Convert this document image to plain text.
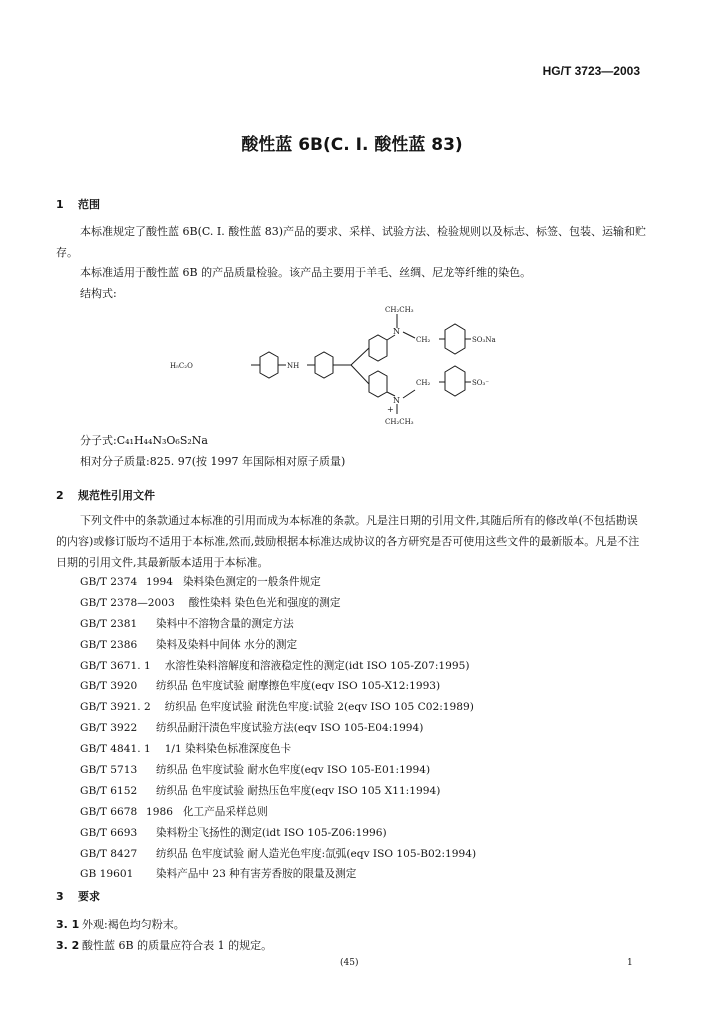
HG/T 3723—2003
酸性蓝 6B(C. I. 酸性蓝 83)
1 范围
本标准规定了酸性蓝 6B(C. I. 酸性蓝 83)产品的要求、采样、试验方法、检验规则以及标志、标签、包装、运输和贮存。
本标准适用于酸性蓝 6B 的产品质量检验。该产品主要用于羊毛、丝绸、尼龙等纤维的染色。
结构式:
CH₂CH₃
N
CH₂	SO₃Na
H₅C₂O	NH
CH₂	SO₃⁻
N
+
CH₂CH₃
分子式:C₄₁H₄₄N₃O₆S₂Na
相对分子质量:825. 97(按 1997 年国际相对原子质量)
2 规范性引用文件
下列文件中的条款通过本标准的引用而成为本标准的条款。凡是注日期的引用文件,其随后所有的修改单(不包括勘误的内容)或修订版均不适用于本标准,然而,鼓励根据本标准达成协议的各方研究是否可使用这些文件的最新版本。凡是不注日期的引用文件,其最新版本适用于本标准。
GB/T 2374 1994 染料染色测定的一般条件规定
GB/T 2378—2003 酸性染料 染色色光和强度的测定
GB/T 2381 染料中不溶物含量的测定方法
GB/T 2386 染料及染料中间体 水分的测定
GB/T 3671. 1 水溶性染料溶解度和溶液稳定性的测定(idt ISO 105-Z07:1995)
GB/T 3920 纺织品 色牢度试验 耐摩擦色牢度(eqv ISO 105-X12:1993)
GB/T 3921. 2 纺织品 色牢度试验 耐洗色牢度:试验 2(eqv ISO 105 C02:1989)
GB/T 3922 纺织品耐汗渍色牢度试验方法(eqv ISO 105-E04:1994)
GB/T 4841. 1 1/1 染料染色标准深度色卡
GB/T 5713 纺织品 色牢度试验 耐水色牢度(eqv ISO 105-E01:1994)
GB/T 6152 纺织品 色牢度试验 耐热压色牢度(eqv ISO 105 X11:1994)
GB/T 6678 1986 化工产品采样总则
GB/T 6693 染料粉尘飞扬性的测定(idt ISO 105-Z06:1996)
GB/T 8427 纺织品 色牢度试验 耐人造光色牢度:氙弧(eqv ISO 105-B02:1994)
GB 19601 染料产品中 23 种有害芳香胺的限量及测定
3 要求
3. 1 外观:褐色均匀粉末。
3. 2 酸性蓝 6B 的质量应符合表 1 的规定。
(45)	1
